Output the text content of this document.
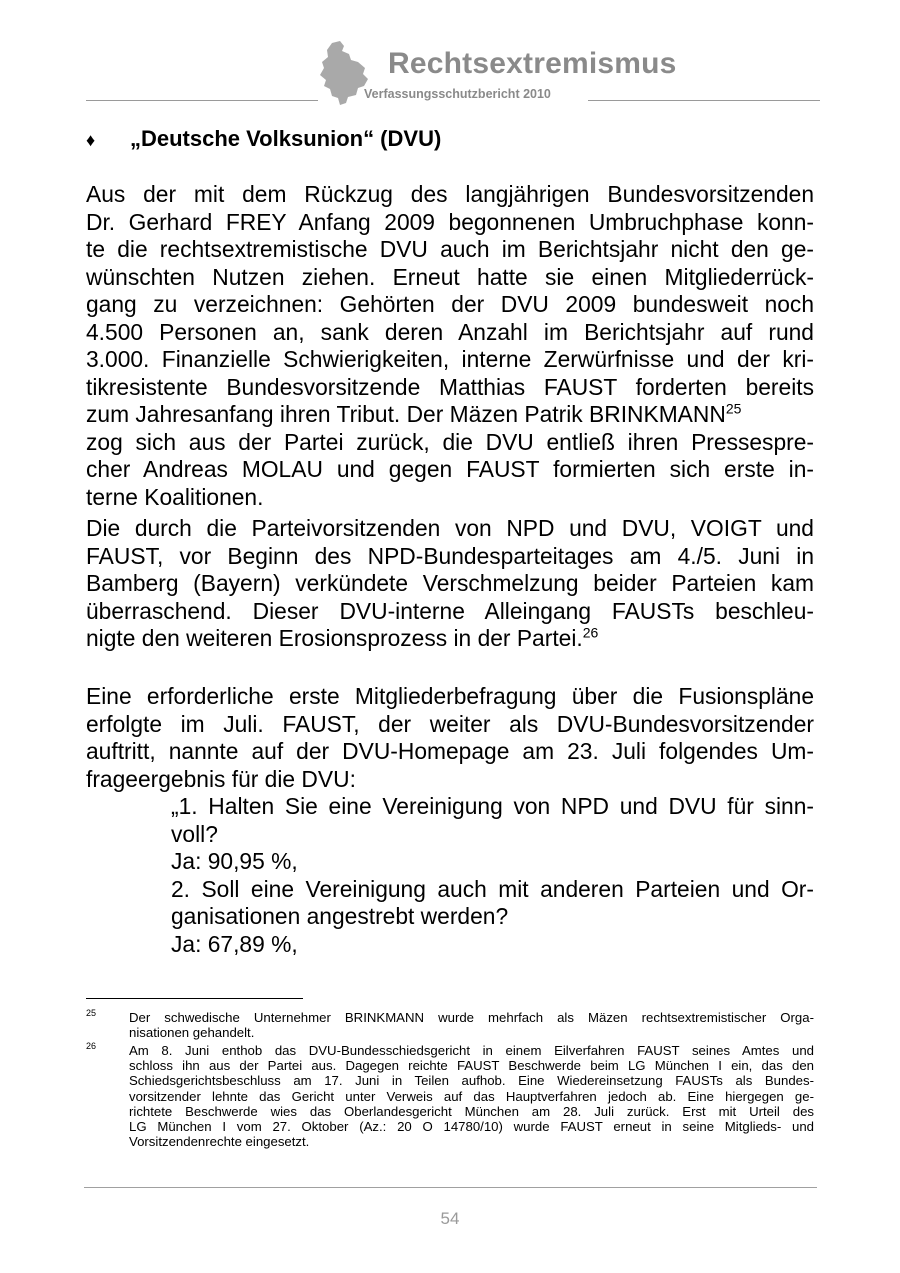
Rechtsextremismus
Verfassungsschutzbericht 2010
♦ „Deutsche Volksunion“ (DVU)
Aus der mit dem Rückzug des langjährigen Bundesvorsitzenden
Dr. Gerhard FREY Anfang 2009 begonnenen Umbruchphase konn-
te die rechtsextremistische DVU auch im Berichtsjahr nicht den ge-
wünschten Nutzen ziehen. Erneut hatte sie einen Mitgliederrück-
gang zu verzeichnen: Gehörten der DVU 2009 bundesweit noch
4.500 Personen an, sank deren Anzahl im Berichtsjahr auf rund
3.000. Finanzielle Schwierigkeiten, interne Zerwürfnisse und der kri-
tikresistente Bundesvorsitzende Matthias FAUST forderten bereits
zum Jahresanfang ihren Tribut. Der Mäzen Patrik BRINKMANN$^{25}$
zog sich aus der Partei zurück, die DVU entließ ihren Pressespre-
cher Andreas MOLAU und gegen FAUST formierten sich erste in-
terne Koalitionen.
Die durch die Parteivorsitzenden von NPD und DVU, VOIGT und
FAUST, vor Beginn des NPD-Bundesparteitages am 4./5. Juni in
Bamberg (Bayern) verkündete Verschmelzung beider Parteien kam
überraschend. Dieser DVU-interne Alleingang FAUSTs beschleu-
nigte den weiteren Erosionsprozess in der Partei.$^{26}$
Eine erforderliche erste Mitgliederbefragung über die Fusionspläne
erfolgte im Juli. FAUST, der weiter als DVU-Bundesvorsitzender
auftritt, nannte auf der DVU-Homepage am 23. Juli folgendes Um-
frageergebnis für die DVU:
„1. Halten Sie eine Vereinigung von NPD und DVU für sinn-
voll?
Ja: 90,95 %,
2. Soll eine Vereinigung auch mit anderen Parteien und Or-
ganisationen angestrebt werden?
Ja: 67,89 %,
25 Der schwedische Unternehmer BRINKMANN wurde mehrfach als Mäzen rechtsextremistischer Orga-
nisationen gehandelt.
26 Am 8. Juni enthob das DVU-Bundesschiedsgericht in einem Eilverfahren FAUST seines Amtes und
schloss ihn aus der Partei aus. Dagegen reichte FAUST Beschwerde beim LG München I ein, das den
Schiedsgerichtsbeschluss am 17. Juni in Teilen aufhob. Eine Wiedereinsetzung FAUSTs als Bundes-
vorsitzender lehnte das Gericht unter Verweis auf das Hauptverfahren jedoch ab. Eine hiergegen ge-
richtete Beschwerde wies das Oberlandesgericht München am 28. Juli zurück. Erst mit Urteil des
LG München I vom 27. Oktober (Az.: 20 O 14780/10) wurde FAUST erneut in seine Mitglieds- und
Vorsitzendenrechte eingesetzt.
54
